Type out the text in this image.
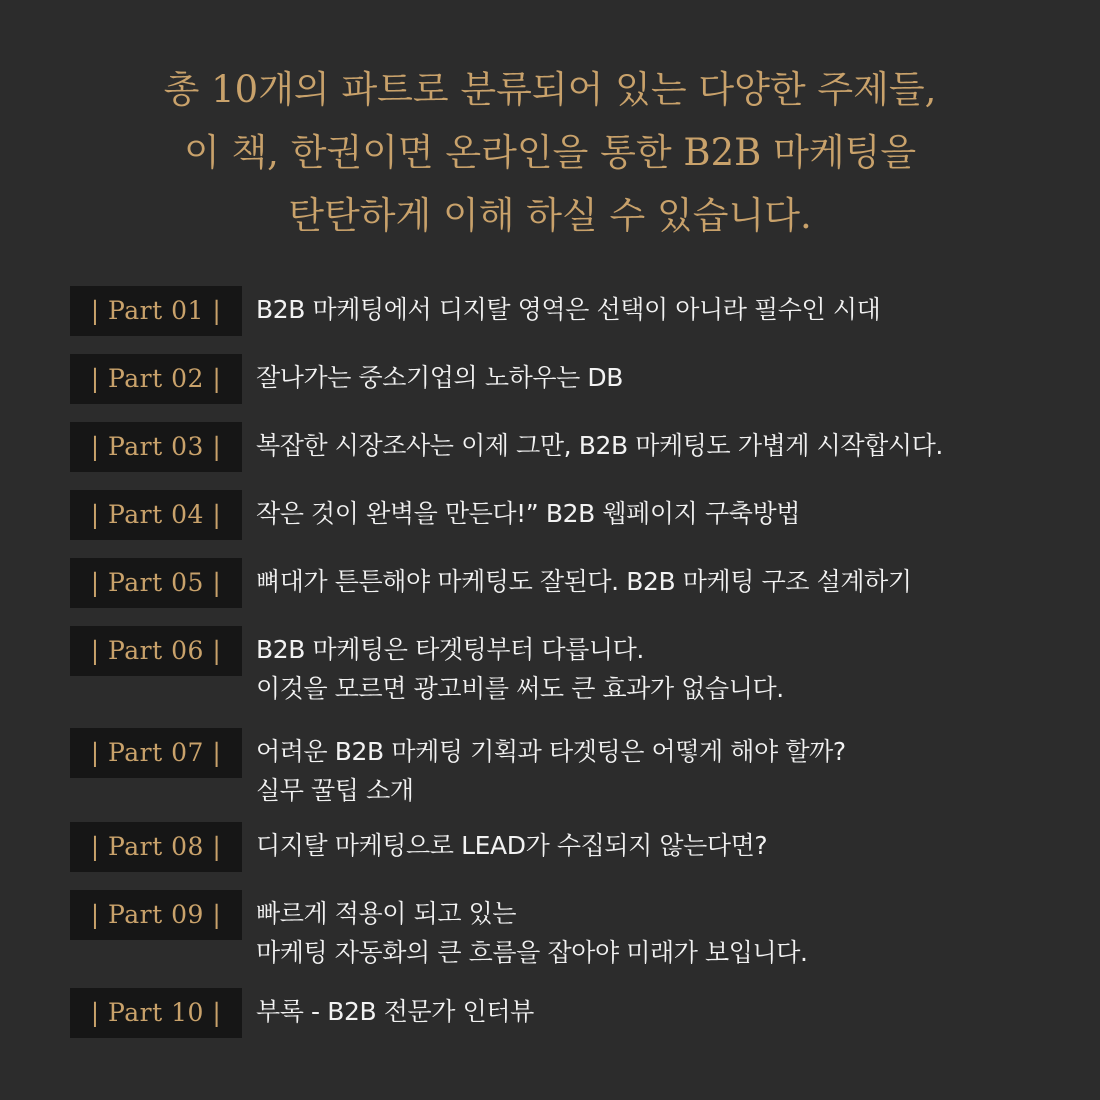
총 10개의 파트로 분류되어 있는 다양한 주제들,
이 책, 한권이면 온라인을 통한 B2B 마케팅을
탄탄하게 이해 하실 수 있습니다.
| Part 01 |	B2B 마케팅에서 디지탈 영역은 선택이 아니라 필수인 시대
| Part 02 |	잘나가는 중소기업의 노하우는 DB
| Part 03 |	복잡한 시장조사는 이제 그만, B2B 마케팅도 가볍게 시작합시다.
| Part 04 |	작은 것이 완벽을 만든다!” B2B 웹페이지 구축방법
| Part 05 |	뼈대가 튼튼해야 마케팅도 잘된다. B2B 마케팅 구조 설계하기
| Part 06 |	B2B 마케팅은 타겟팅부터 다릅니다.
이것을 모르면 광고비를 써도 큰 효과가 없습니다.
| Part 07 |	어려운 B2B 마케팅 기획과 타겟팅은 어떻게 해야 할까?
실무 꿀팁 소개
| Part 08 |	디지탈 마케팅으로 LEAD가 수집되지 않는다면?
| Part 09 |	빠르게 적용이 되고 있는
마케팅 자동화의 큰 흐름을 잡아야 미래가 보입니다.
| Part 10 |	부록 - B2B 전문가 인터뷰
